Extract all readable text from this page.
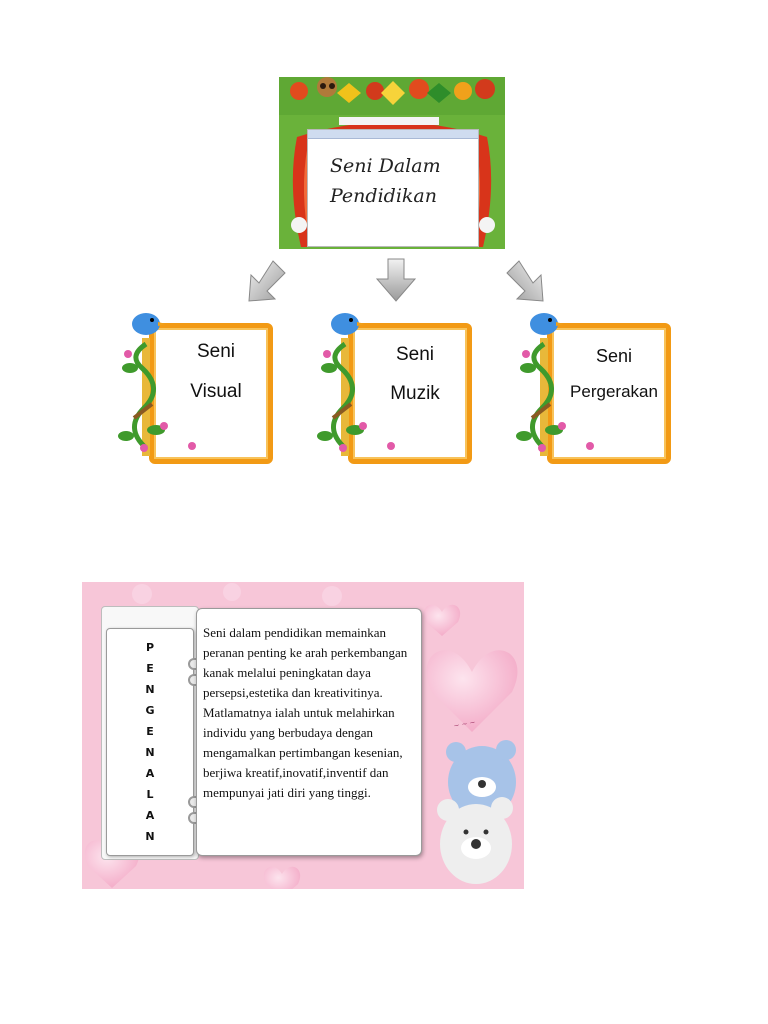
Seni Dalam
Pendidikan
Seni
Visual
Seni
Muzik
Seni
Pergerakan
~ ~ ~
P
E
N
G
E
N
A
L
A
N
Seni dalam pendidikan memainkan peranan penting ke arah perkembangan kanak melalui peningkatan daya persepsi,estetika dan kreativitinya. Matlamatnya ialah untuk melahirkan individu yang berbudaya dengan mengamalkan pertimbangan kesenian, berjiwa kreatif,inovatif,inventif dan mempunyai jati diri yang tinggi.
